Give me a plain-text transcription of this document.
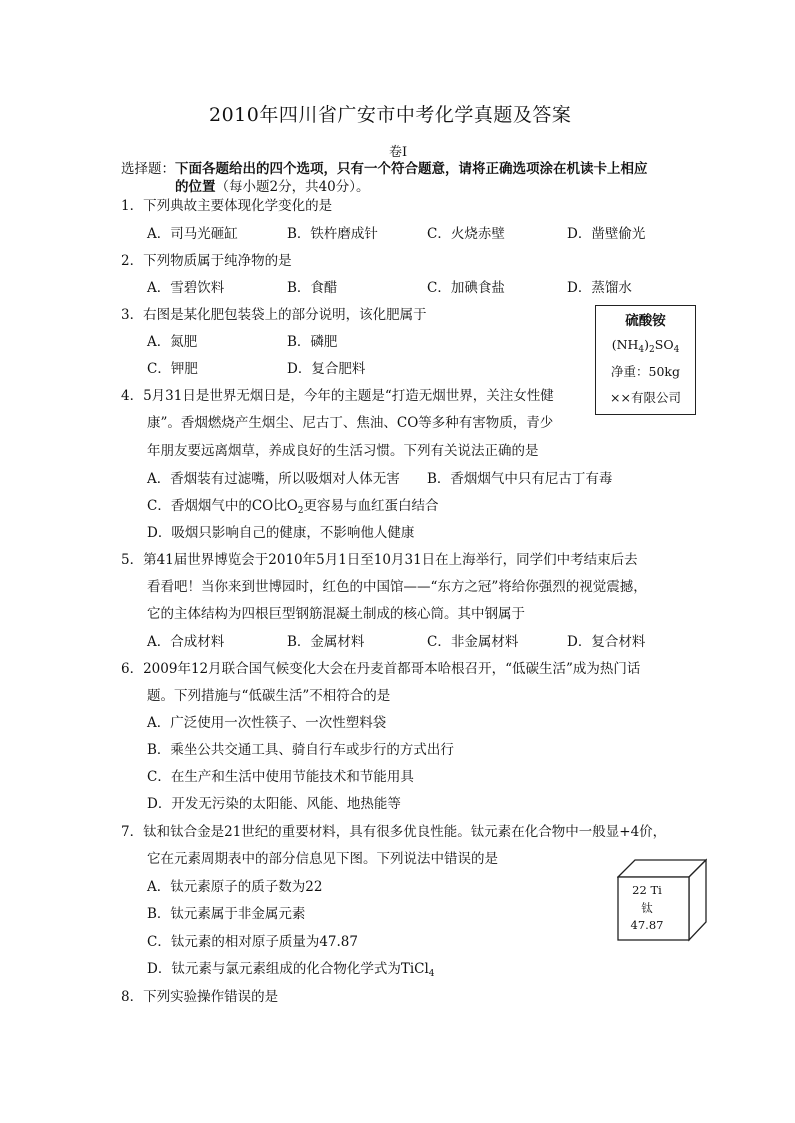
2010年四川省广安市中考化学真题及答案
卷Ⅰ
选择题： 下面各题给出的四个选项，只有一个符合题意，请将正确选项涂在机读卡上相应
的位置（每小题2分，共40分）。
1．下列典故主要体现化学变化的是
A．司马光砸缸	B．铁杵磨成针	C．火烧赤壁	D．凿壁偷光
2．下列物质属于纯净物的是
A．雪碧饮料	B．食醋	C．加碘食盐	D．蒸馏水
3．右图是某化肥包装袋上的部分说明，该化肥属于
A．氮肥	B．磷肥
C．钾肥	D．复合肥料
硫酸铵
$(NH_4)_2SO_4$
净重：50kg
××有限公司
4．5月31日是世界无烟日是，今年的主题是“打造无烟世界，关注女性健
康”。香烟燃烧产生烟尘、尼古丁、焦油、CO等多种有害物质，青少
年朋友要远离烟草，养成良好的生活习惯。下列有关说法正确的是
A．香烟装有过滤嘴，所以吸烟对人体无害 B．香烟烟气中只有尼古丁有毒
C．香烟烟气中的CO比$O_2$更容易与血红蛋白结合
D．吸烟只影响自己的健康，不影响他人健康
5．第41届世界博览会于2010年5月1日至10月31日在上海举行，同学们中考结束后去
看看吧！当你来到世博园时，红色的中国馆——“东方之冠”将给你强烈的视觉震撼，
它的主体结构为四根巨型钢筋混凝土制成的核心筒。其中钢属于
A．合成材料	B．金属材料	C．非金属材料	D．复合材料
6．2009年12月联合国气候变化大会在丹麦首都哥本哈根召开，“低碳生活”成为热门话
题。下列措施与“低碳生活”不相符合的是
A．广泛使用一次性筷子、一次性塑料袋
B．乘坐公共交通工具、骑自行车或步行的方式出行
C．在生产和生活中使用节能技术和节能用具
D．开发无污染的太阳能、风能、地热能等
7．钛和钛合金是21世纪的重要材料，具有很多优良性能。钛元素在化合物中一般显+4价，
它在元素周期表中的部分信息见下图。下列说法中错误的是
A．钛元素原子的质子数为22
B．钛元素属于非金属元素
C．钛元素的相对原子质量为47.87
D．钛元素与氯元素组成的化合物化学式为TiCl$_4$
22 Ti
钛
47.87
8．下列实验操作错误的是
